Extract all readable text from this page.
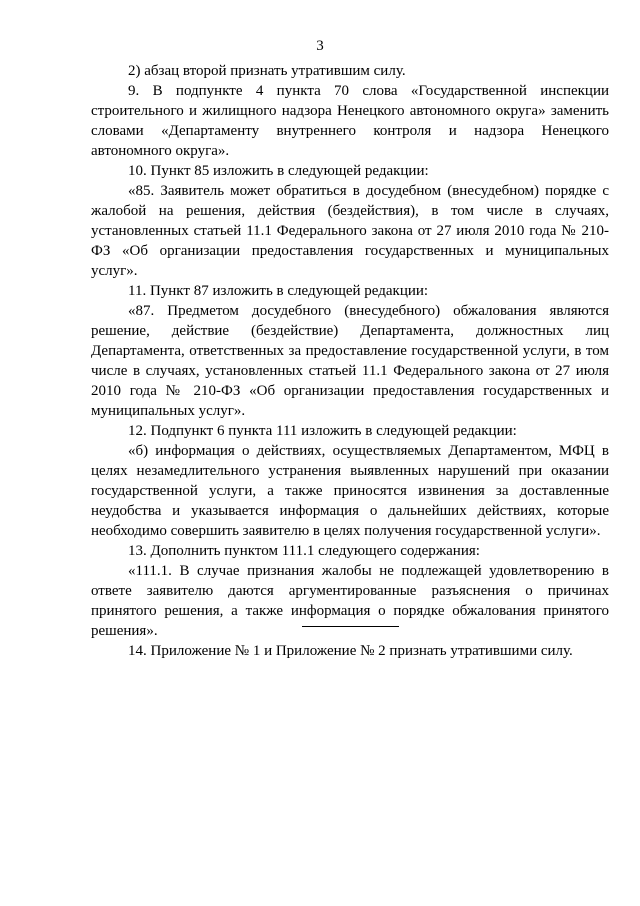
3

2) абзац второй признать утратившим силу.

9. В подпункте 4 пункта 70 слова «Государственной инспекции строительного и жилищного надзора Ненецкого автономного округа» заменить словами «Департаменту внутреннего контроля и надзора Ненецкого автономного округа».

10. Пункт 85 изложить в следующей редакции:

«85. Заявитель может обратиться в досудебном (внесудебном) порядке с жалобой на решения, действия (бездействия), в том числе в случаях, установленных статьей 11.1 Федерального закона от 27 июля 2010 года № 210-ФЗ «Об организации предоставления государственных и муниципальных услуг».

11. Пункт 87 изложить в следующей редакции:

«87. Предметом досудебного (внесудебного) обжалования являются решение, действие (бездействие) Департамента, должностных лиц Департамента, ответственных за предоставление государственной услуги, в том числе в случаях, установленных статьей 11.1 Федерального закона от 27 июля 2010 года № 210-ФЗ «Об организации предоставления государственных и муниципальных услуг».

12. Подпункт 6 пункта 111 изложить в следующей редакции:

«б) информация о действиях, осуществляемых Департаментом, МФЦ в целях незамедлительного устранения выявленных нарушений при оказании государственной услуги, а также приносятся извинения за доставленные неудобства и указывается информация о дальнейших действиях, которые необходимо совершить заявителю в целях получения государственной услуги».

13. Дополнить пунктом 111.1 следующего содержания:

«111.1. В случае признания жалобы не подлежащей удовлетворению в ответе заявителю даются аргументированные разъяснения о причинах принятого решения, а также информация о порядке обжалования принятого решения».

14. Приложение № 1 и Приложение № 2 признать утратившими силу.
